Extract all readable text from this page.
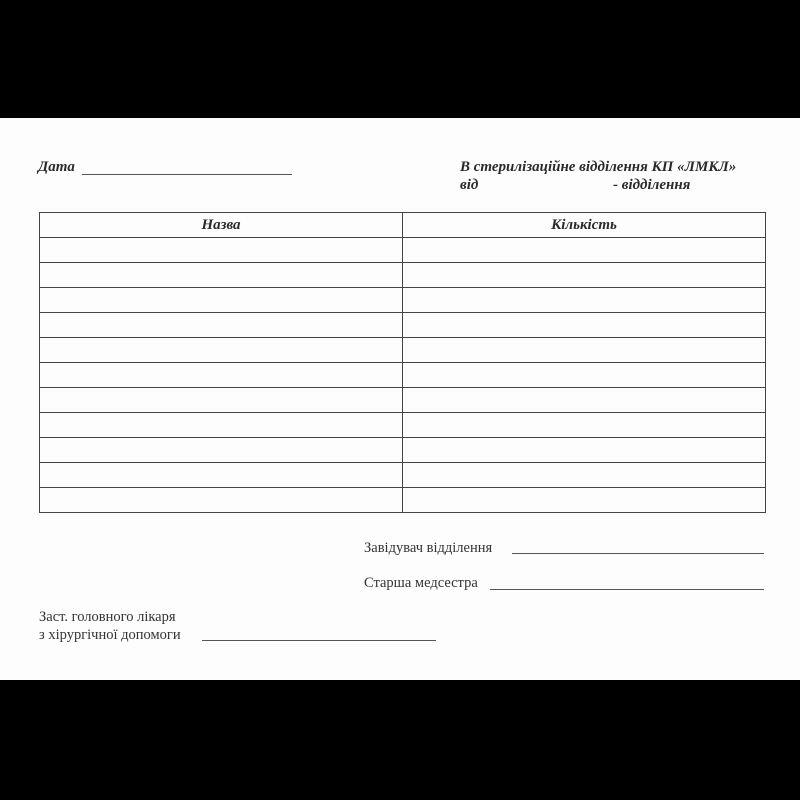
Дата	В стерилізаційне відділення КП «ЛМКЛ»
від	- відділення
Назва	Кількість

Завідувач відділення
Старша медсестра
Заст. головного лікаря
з хірургічної допомоги
